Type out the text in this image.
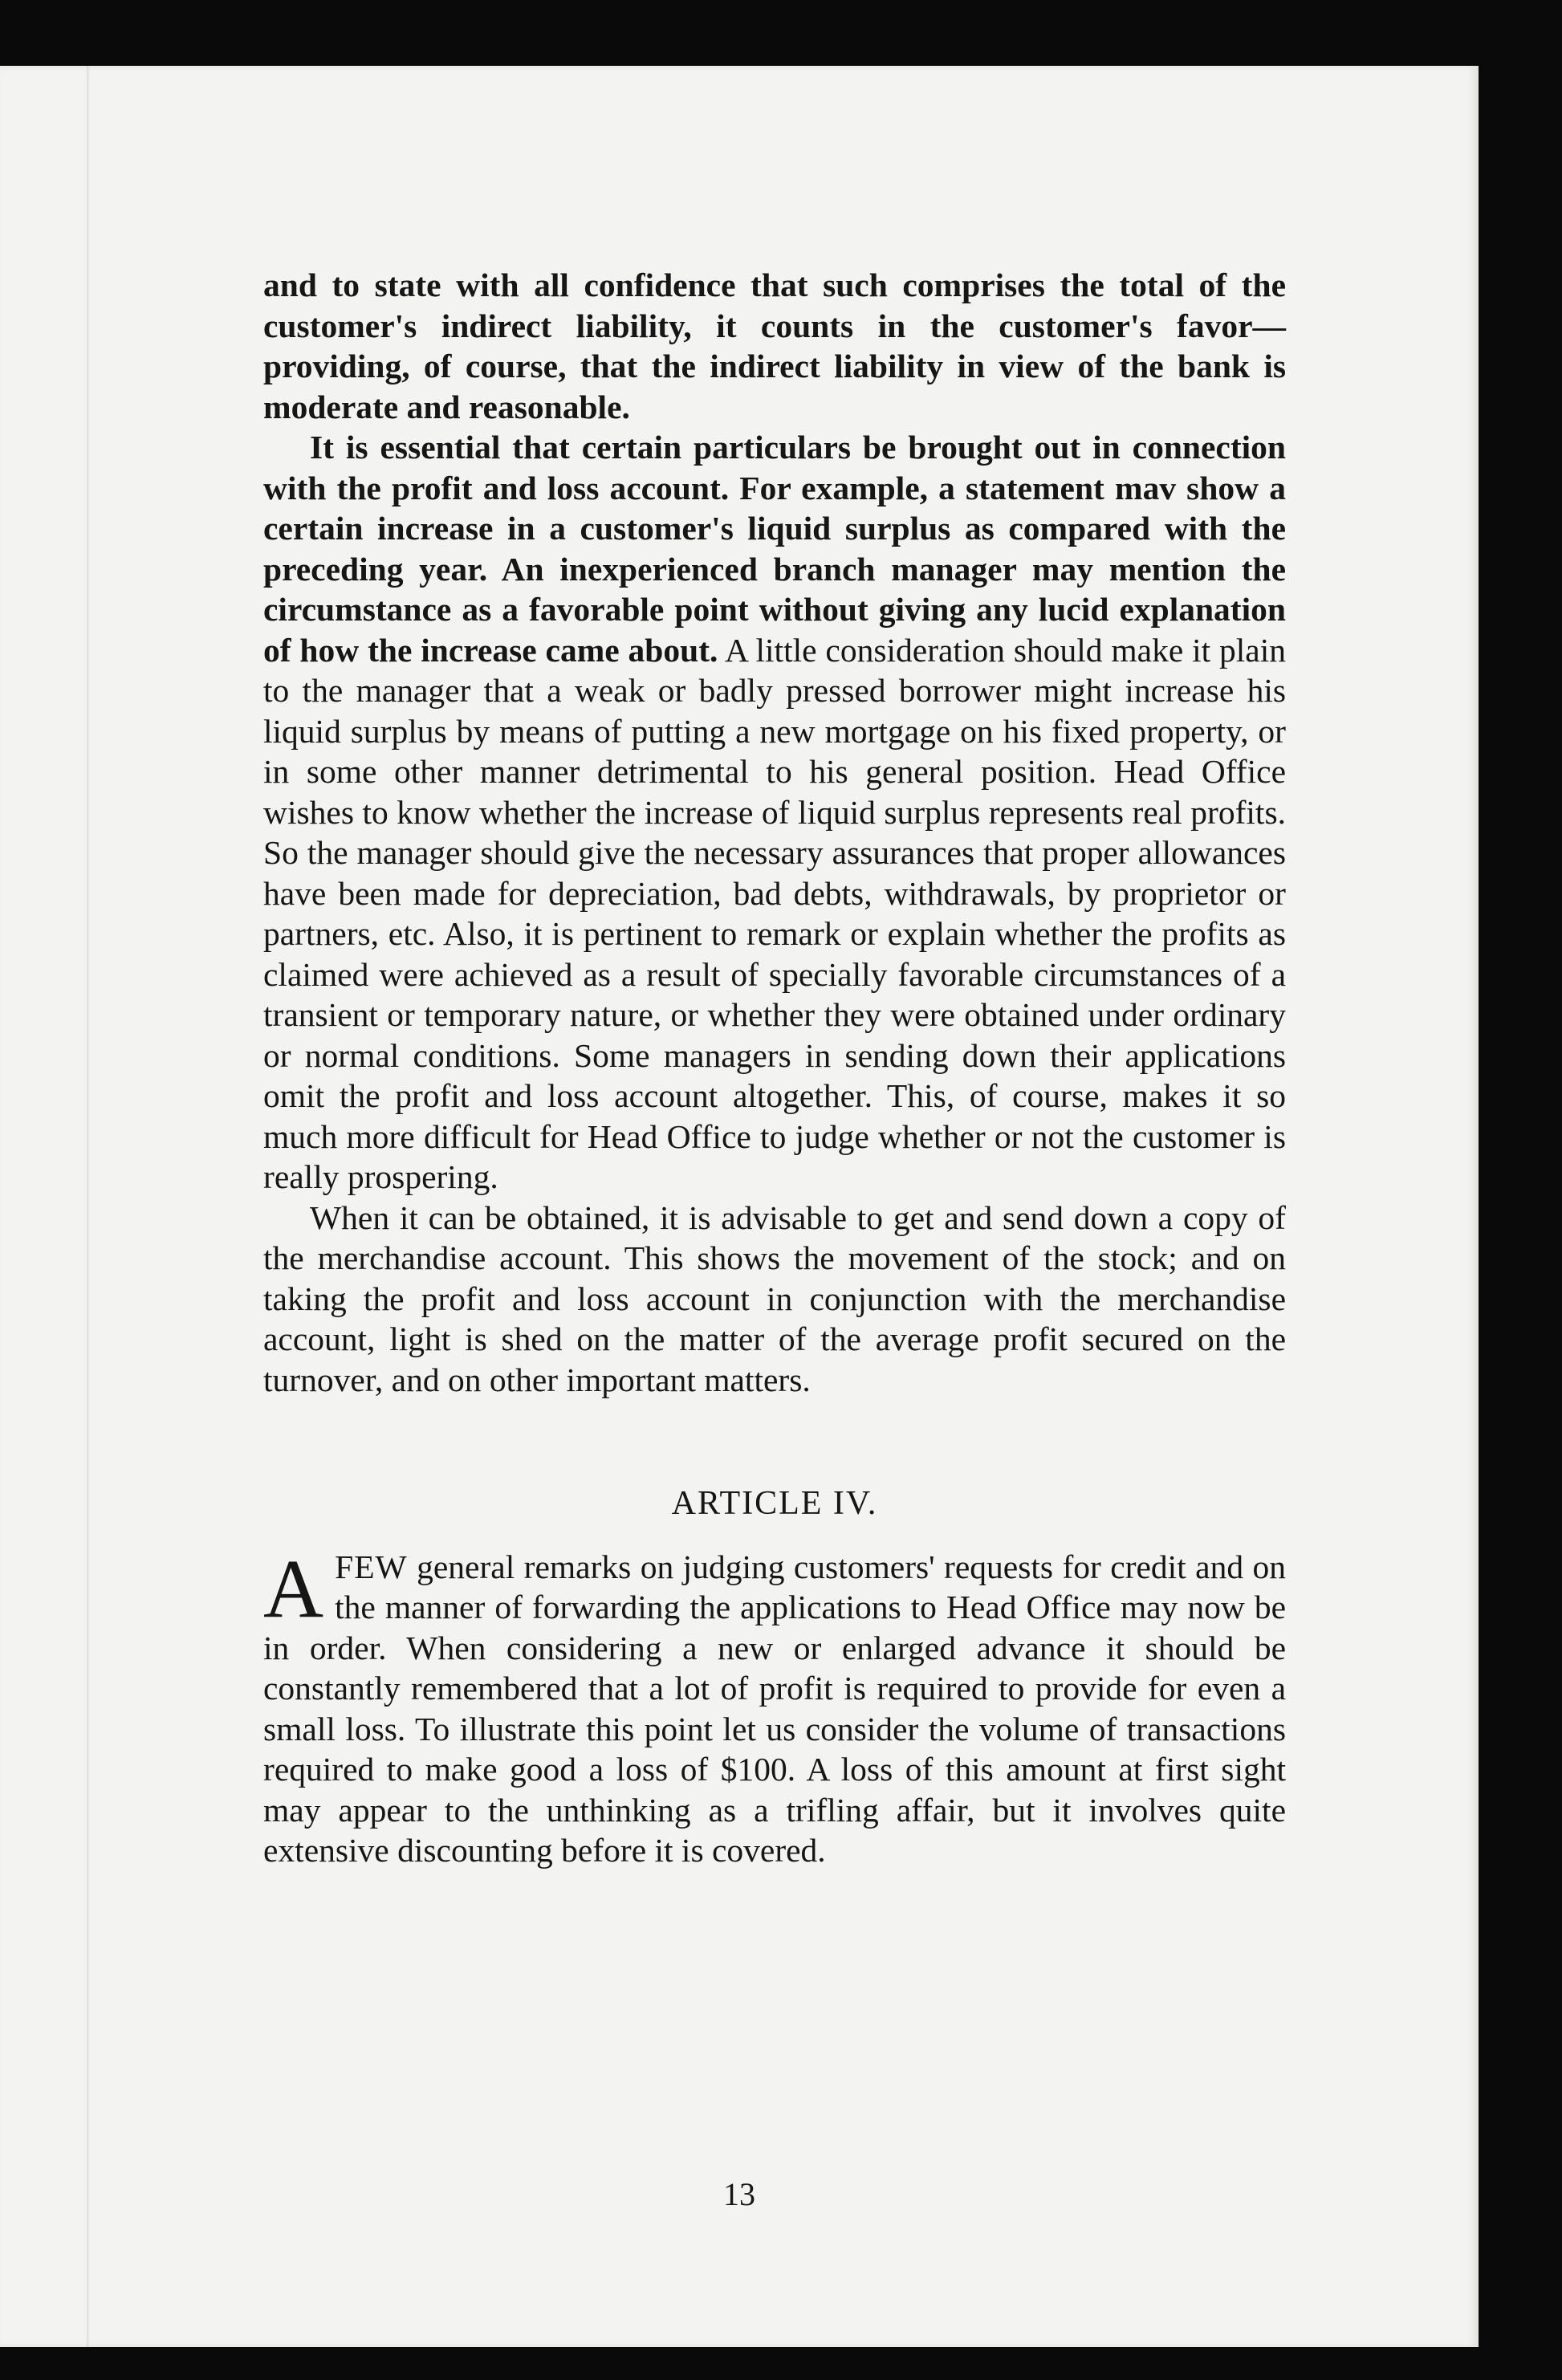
and to state with all confidence that such comprises the total of the customer's indirect liability, it counts in the customer's favor—providing, of course, that the indirect liability in view of the bank is moderate and reasonable.

It is essential that certain particulars be brought out in connection with the profit and loss account. For example, a statement mav show a certain increase in a customer's liquid surplus as compared with the preceding year. An inexperienced branch manager may mention the circumstance as a favorable point without giving any lucid explanation of how the increase came about. A little consideration should make it plain to the manager that a weak or badly pressed borrower might increase his liquid surplus by means of putting a new mortgage on his fixed property, or in some other manner detrimental to his general position. Head Office wishes to know whether the increase of liquid surplus represents real profits. So the manager should give the necessary assurances that proper allowances have been made for depreciation, bad debts, withdrawals, by proprietor or partners, etc. Also, it is pertinent to remark or explain whether the profits as claimed were achieved as a result of specially favorable circumstances of a transient or temporary nature, or whether they were obtained under ordinary or normal conditions. Some managers in sending down their applications omit the profit and loss account altogether. This, of course, makes it so much more difficult for Head Office to judge whether or not the customer is really prospering.

When it can be obtained, it is advisable to get and send down a copy of the merchandise account. This shows the movement of the stock; and on taking the profit and loss account in conjunction with the merchandise account, light is shed on the matter of the average profit secured on the turnover, and on other important matters.

ARTICLE IV.

AFEW general remarks on judging customers' requests for credit and on the manner of forwarding the applications to Head Office may now be in order. When considering a new or enlarged advance it should be constantly remembered that a lot of profit is required to provide for even a small loss. To illustrate this point let us consider the volume of transactions required to make good a loss of $100. A loss of this amount at first sight may appear to the unthinking as a trifling affair, but it involves quite extensive discounting before it is covered.

13
